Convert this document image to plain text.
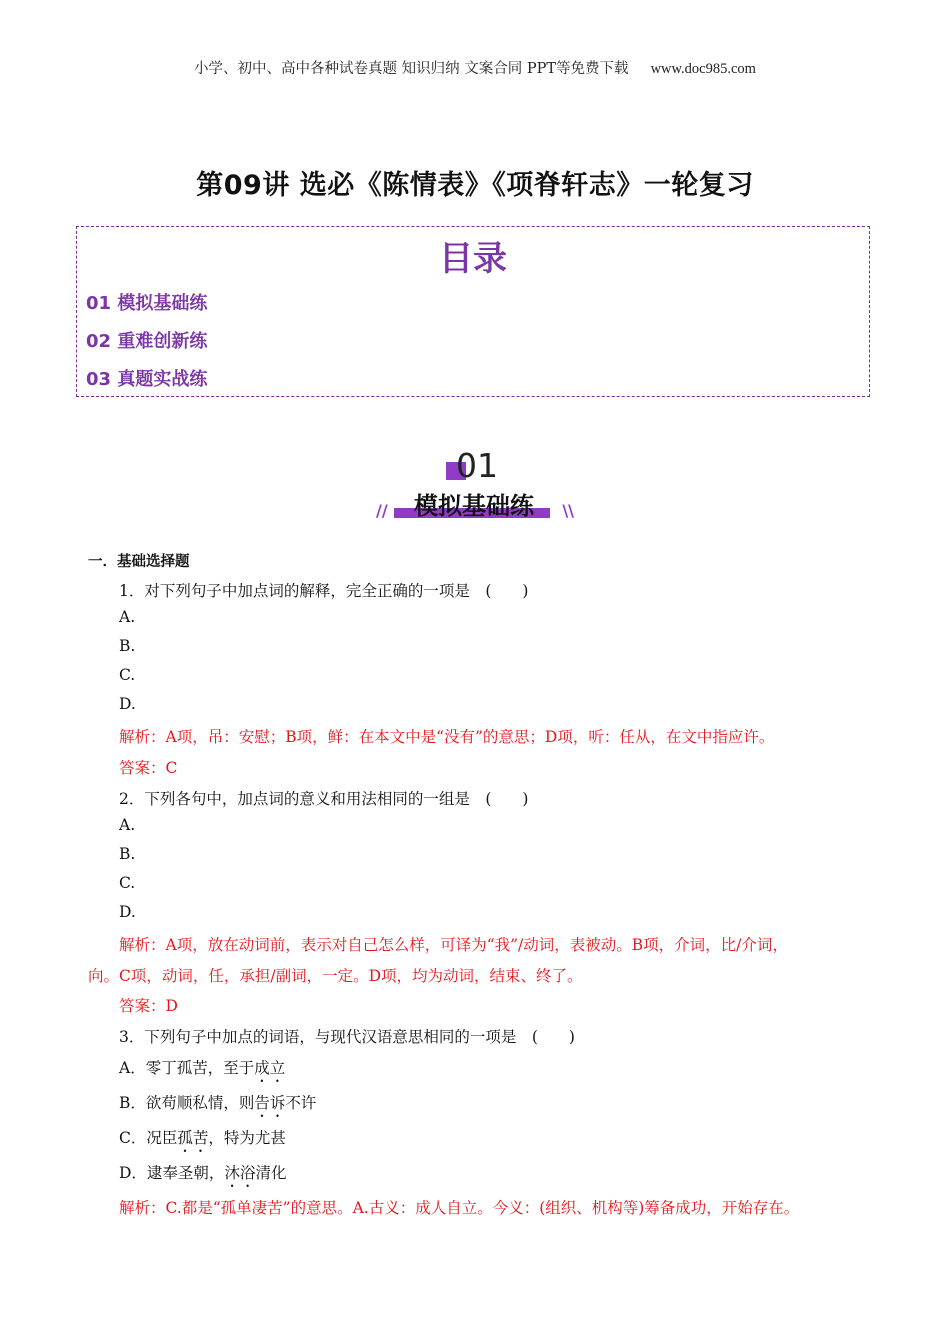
小学、初中、高中各种试卷真题 知识归纳 文案合同 PPT等免费下载 www.doc985.com
第09讲 选必《陈情表》《项脊轩志》一轮复习
目录
01 模拟基础练
02 重难创新练
03 真题实战练
01
//	模拟基础练	\\
一．基础选择题
1．对下列句子中加点词的解释，完全正确的一项是　(　　)
A.
B.
C.
D.
解析：A项，吊：安慰；B项，鲜：在本文中是“没有”的意思；D项，听：任从，在文中指应许。
答案：C
2．下列各句中，加点词的意义和用法相同的一组是　(　　)
A.
B.
C.
D.
解析：A项，放在动词前，表示对自己怎么样，可译为“我”/动词，表被动。B项，介词，比/介词，
向。C项，动词，任，承担/副词，一定。D项，均为动词，结束、终了。
答案：D
3．下列句子中加点的词语，与现代汉语意思相同的一项是　(　　)
A．零丁孤苦，至于成立
B．欲苟顺私情，则告诉不许
C．况臣孤苦，特为尤甚
D．逮奉圣朝，沐浴清化
解析：C.都是“孤单凄苦”的意思。A.古义：成人自立。今义：(组织、机构等)筹备成功，开始存在。
